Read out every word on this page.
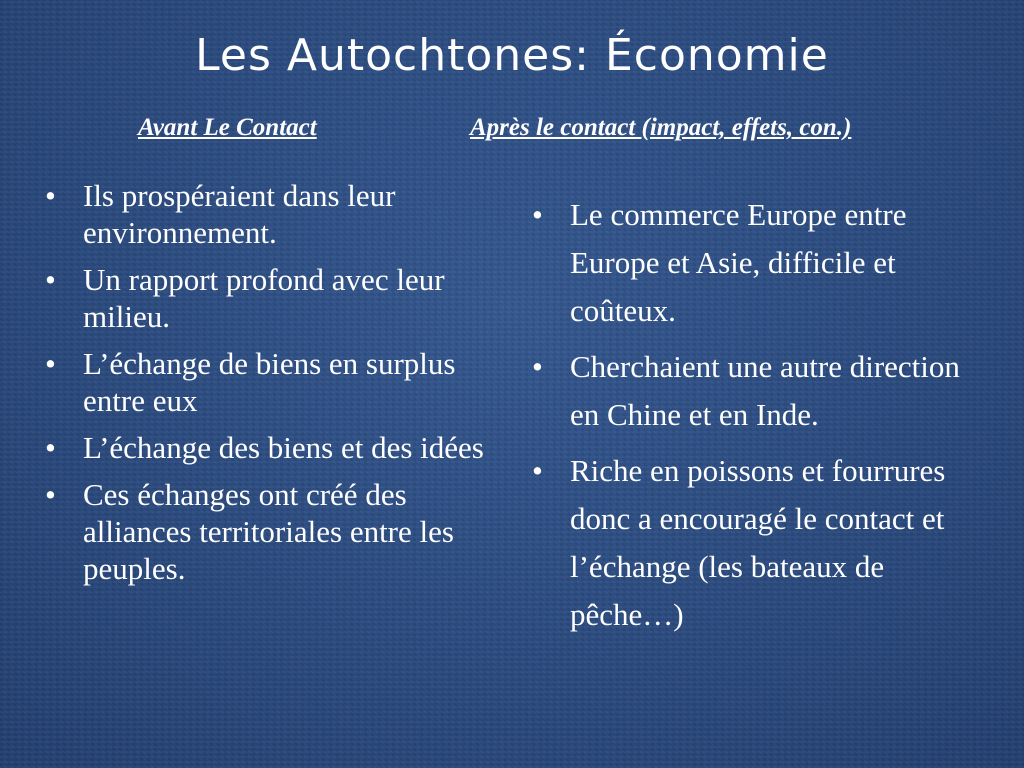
Les Autochtones: Économie
Avant Le Contact	Après le contact (impact, effets, con.)
• Ils prospéraient dans leur environnement.
• Un rapport profond avec leur milieu.
• L’échange de biens en surplus entre eux
• L’échange des biens et des idées
• Ces échanges ont créé des alliances territoriales entre les peuples.
• Le commerce Europe entre Europe et Asie, difficile et coûteux.
• Cherchaient une autre direction en Chine et en Inde.
• Riche en poissons et fourrures donc a encouragé le contact et l’échange (les bateaux de pêche…)
